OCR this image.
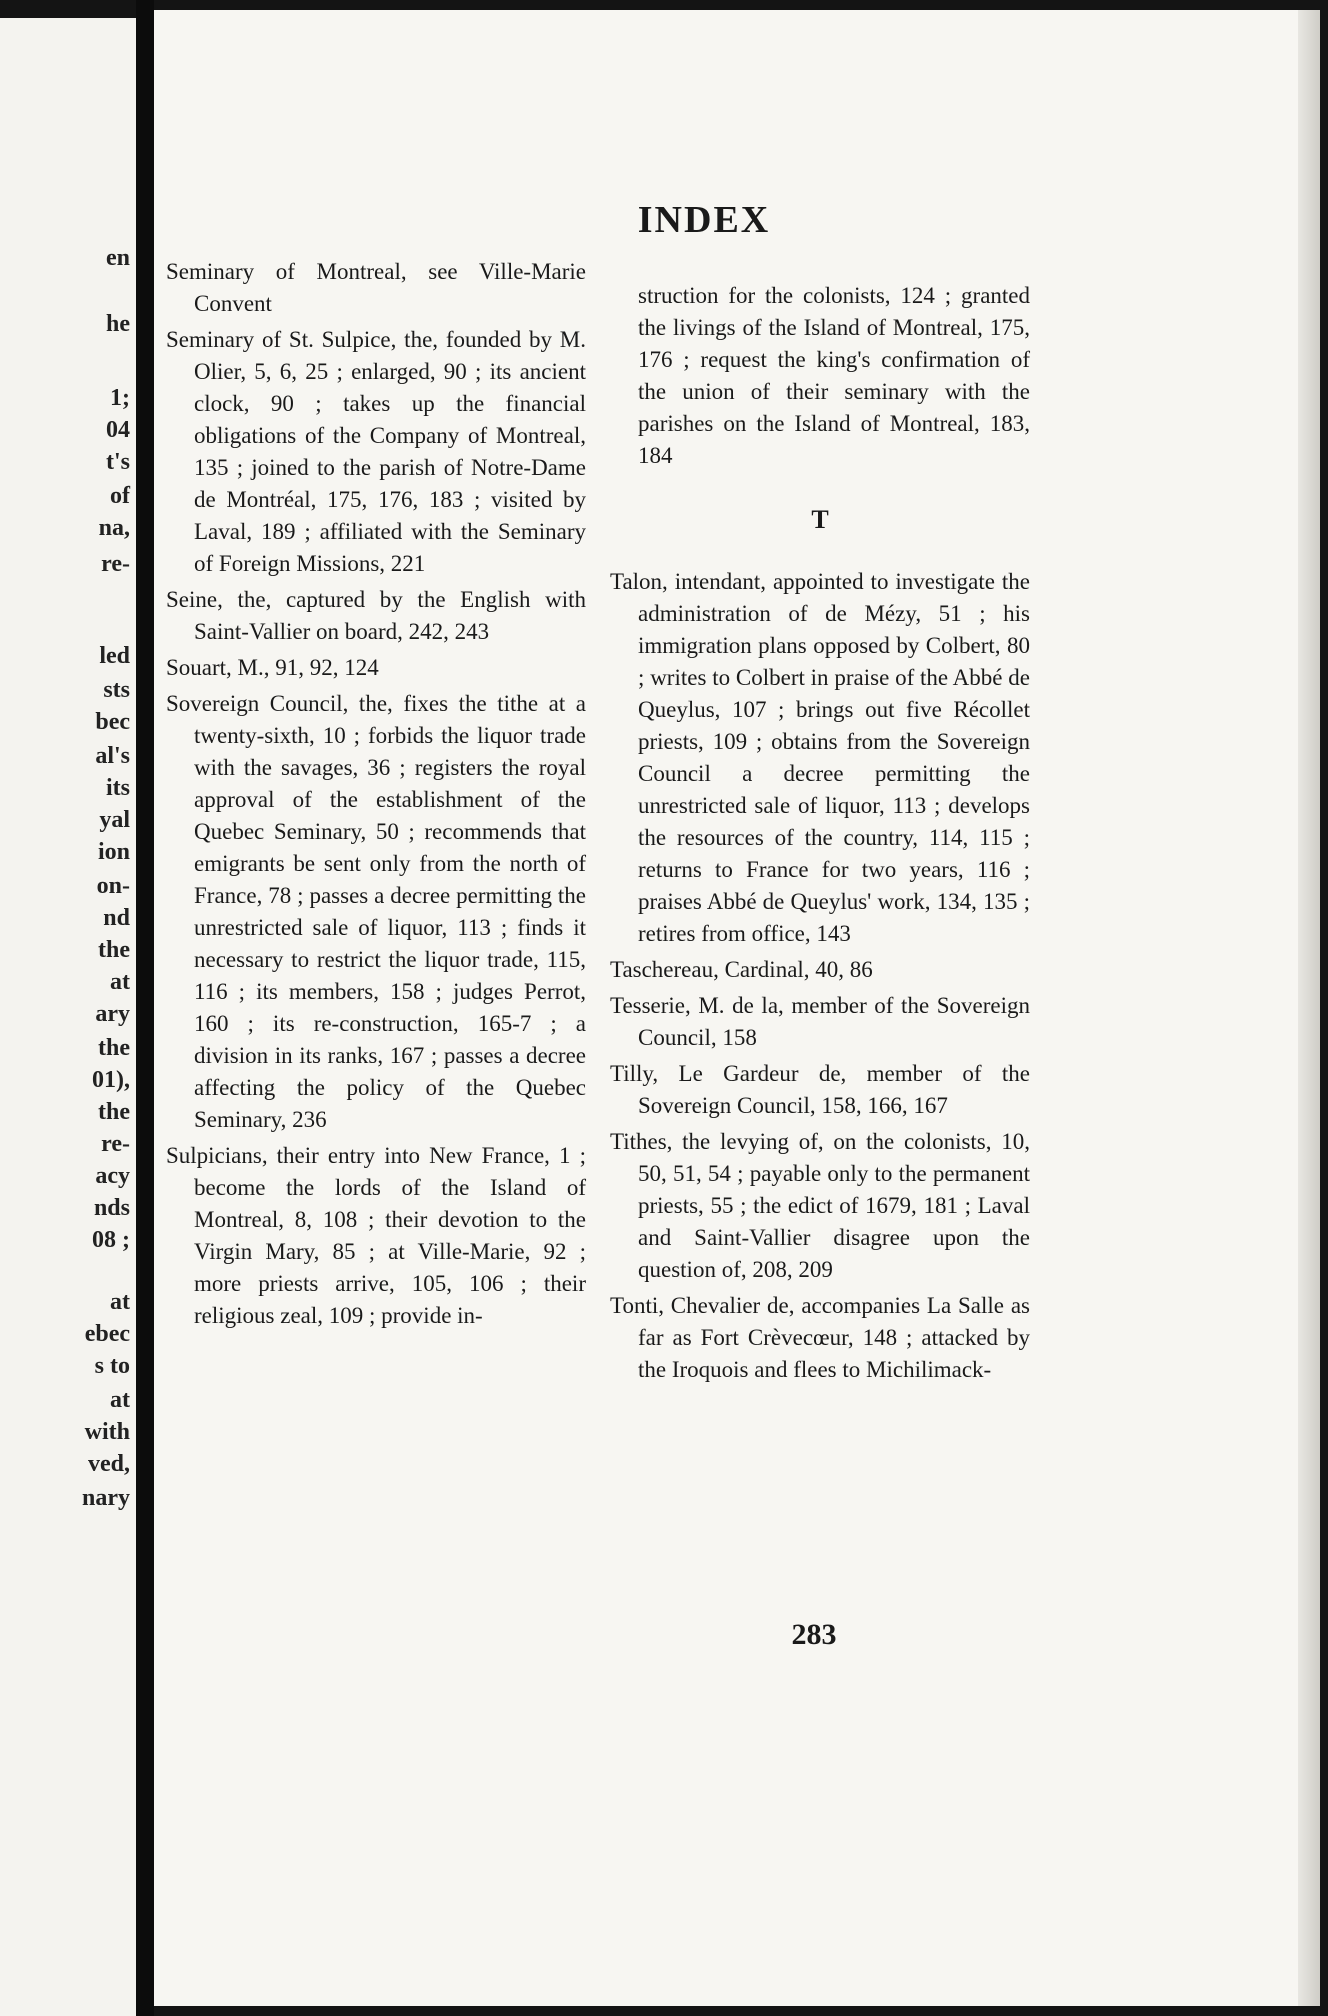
en
he
1;
04
t's
of
na,
re-
led
sts
bec
al's
its
yal
ion
on-
nd
the
at
ary
the
01),
the
re-
acy
nds
08 ;
at
ebec
s to
at
with
ved,
nary
INDEX

Seminary of Montreal, see Ville-Marie Convent

Seminary of St. Sulpice, the, founded by M. Olier, 5, 6, 25 ; enlarged, 90 ; its ancient clock, 90 ; takes up the financial obligations of the Company of Montreal, 135 ; joined to the parish of Notre-Dame de Montréal, 175, 176, 183 ; visited by Laval, 189 ; affiliated with the Seminary of Foreign Missions, 221

Seine, the, captured by the English with Saint-Vallier on board, 242, 243

Souart, M., 91, 92, 124

Sovereign Council, the, fixes the tithe at a twenty-sixth, 10 ; forbids the liquor trade with the savages, 36 ; registers the royal approval of the establishment of the Quebec Seminary, 50 ; recommends that emigrants be sent only from the north of France, 78 ; passes a decree permitting the unrestricted sale of liquor, 113 ; finds it necessary to restrict the liquor trade, 115, 116 ; its members, 158 ; judges Perrot, 160 ; its re-construction, 165-7 ; a division in its ranks, 167 ; passes a decree affecting the policy of the Quebec Seminary, 236

Sulpicians, their entry into New France, 1 ; become the lords of the Island of Montreal, 8, 108 ; their devotion to the Virgin Mary, 85 ; at Ville-Marie, 92 ; more priests arrive, 105, 106 ; their religious zeal, 109 ; provide in-

struction for the colonists, 124 ; granted the livings of the Island of Montreal, 175, 176 ; request the king's confirmation of the union of their seminary with the parishes on the Island of Montreal, 183, 184

T

Talon, intendant, appointed to investigate the administration of de Mézy, 51 ; his immigration plans opposed by Colbert, 80 ; writes to Colbert in praise of the Abbé de Queylus, 107 ; brings out five Récollet priests, 109 ; obtains from the Sovereign Council a decree permitting the unrestricted sale of liquor, 113 ; develops the resources of the country, 114, 115 ; returns to France for two years, 116 ; praises Abbé de Queylus' work, 134, 135 ; retires from office, 143

Taschereau, Cardinal, 40, 86

Tesserie, M. de la, member of the Sovereign Council, 158

Tilly, Le Gardeur de, member of the Sovereign Council, 158, 166, 167

Tithes, the levying of, on the colonists, 10, 50, 51, 54 ; payable only to the permanent priests, 55 ; the edict of 1679, 181 ; Laval and Saint-Vallier disagree upon the question of, 208, 209

Tonti, Chevalier de, accompanies La Salle as far as Fort Crèvecœur, 148 ; attacked by the Iroquois and flees to Michilimack-

283
